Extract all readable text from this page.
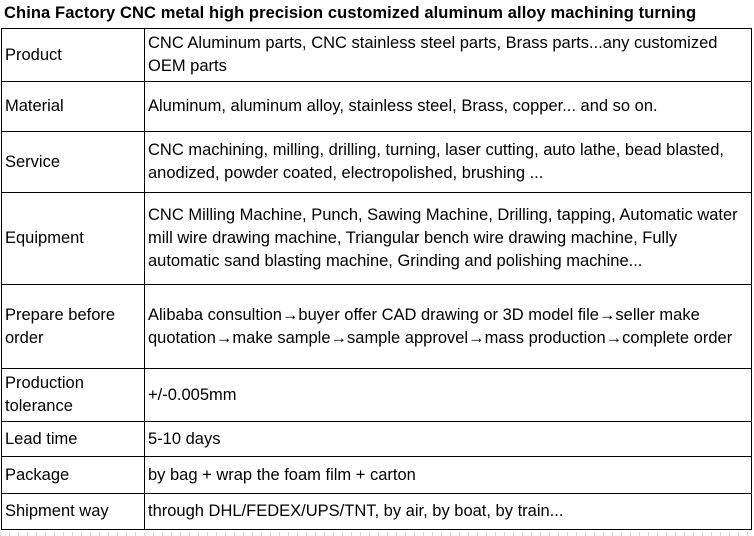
China Factory CNC metal high precision customized aluminum alloy machining turning
Product	CNC Aluminum parts, CNC stainless steel parts, Brass parts...any customized OEM parts
Material	Aluminum, aluminum alloy, stainless steel, Brass, copper... and so on.
Service	CNC machining, milling, drilling, turning, laser cutting, auto lathe, bead blasted, anodized, powder coated, electropolished, brushing ...
Equipment	CNC Milling Machine, Punch, Sawing Machine, Drilling, tapping, Automatic water mill wire drawing machine, Triangular bench wire drawing machine, Fully automatic sand blasting machine, Grinding and polishing machine...
Prepare before order	Alibaba consultion→buyer offer CAD drawing or 3D model file→seller make quotation→make sample→sample approvel→mass production→complete order
Production tolerance	+/-0.005mm
Lead time	5-10 days
Package	by bag + wrap the foam film + carton
Shipment way	through DHL/FEDEX/UPS/TNT, by air, by boat, by train...
